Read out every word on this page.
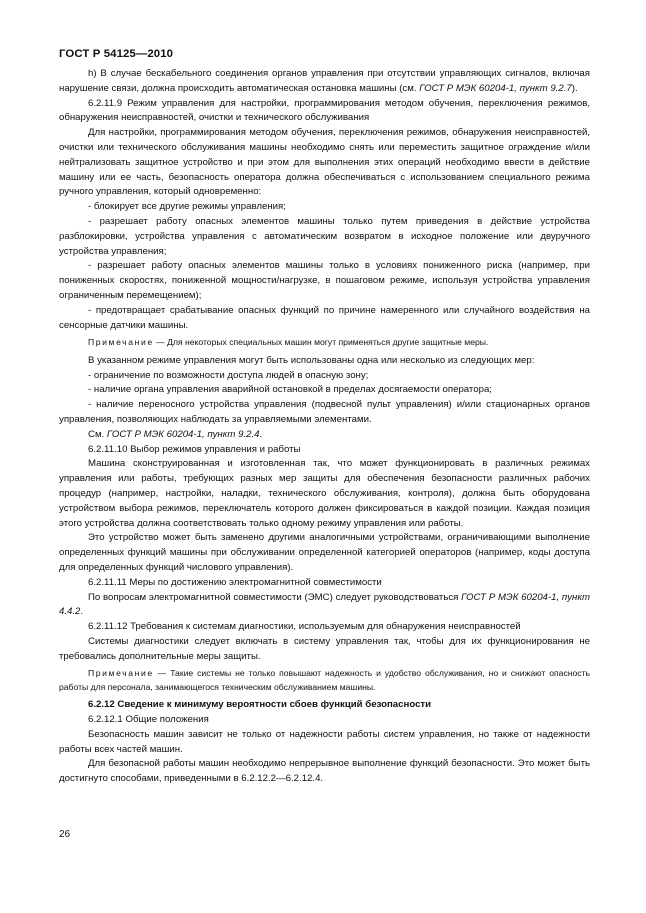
ГОСТ Р 54125—2010

h) В случае бескабельного соединения органов управления при отсутствии управляющих сигналов, включая нарушение связи, должна происходить автоматическая остановка машины (см. ГОСТ Р МЭК 60204-1, пункт 9.2.7).

6.2.11.9 Режим управления для настройки, программирования методом обучения, переключения режимов, обнаружения неисправностей, очистки и технического обслуживания

Для настройки, программирования методом обучения, переключения режимов, обнаружения неисправностей, очистки или технического обслуживания машины необходимо снять или переместить защитное ограждение и/или нейтрализовать защитное устройство и при этом для выполнения этих операций необходимо ввести в действие машину или ее часть, безопасность оператора должна обеспечиваться с использованием специального режима ручного управления, который одновременно:

- блокирует все другие режимы управления;

- разрешает работу опасных элементов машины только путем приведения в действие устройства разблокировки, устройства управления с автоматическим возвратом в исходное положение или двуручного устройства управления;

- разрешает работу опасных элементов машины только в условиях пониженного риска (например, при пониженных скоростях, пониженной мощности/нагрузке, в пошаговом режиме, используя устройства управления ограниченным перемещением);

- предотвращает срабатывание опасных функций по причине намеренного или случайного воздействия на сенсорные датчики машины.

Примечание — Для некоторых специальных машин могут применяться другие защитные меры.

В указанном режиме управления могут быть использованы одна или несколько из следующих мер:

- ограничение по возможности доступа людей в опасную зону;

- наличие органа управления аварийной остановкой в пределах досягаемости оператора;

- наличие переносного устройства управления (подвесной пульт управления) и/или стационарных органов управления, позволяющих наблюдать за управляемыми элементами.

См. ГОСТ Р МЭК 60204-1, пункт 9.2.4.

6.2.11.10 Выбор режимов управления и работы

Машина сконструированная и изготовленная так, что может функционировать в различных режимах управления или работы, требующих разных мер защиты для обеспечения безопасности различных рабочих процедур (например, настройки, наладки, технического обслуживания, контроля), должна быть оборудована устройством выбора режимов, переключатель которого должен фиксироваться в каждой позиции. Каждая позиция этого устройства должна соответствовать только одному режиму управления или работы.

Это устройство может быть заменено другими аналогичными устройствами, ограничивающими выполнение определенных функций машины при обслуживании определенной категорией операторов (например, коды доступа для определенных функций числового управления).

6.2.11.11 Меры по достижению электромагнитной совместимости

По вопросам электромагнитной совместимости (ЭМС) следует руководствоваться ГОСТ Р МЭК 60204-1, пункт 4.4.2.

6.2.11.12 Требования к системам диагностики, используемым для обнаружения неисправностей

Системы диагностики следует включать в систему управления так, чтобы для их функционирования не требовались дополнительные меры защиты.

Примечание — Такие системы не только повышают надежность и удобство обслуживания, но и снижают опасность работы для персонала, занимающегося техническим обслуживанием машины.

6.2.12 Сведение к минимуму вероятности сбоев функций безопасности

6.2.12.1 Общие положения

Безопасность машин зависит не только от надежности работы систем управления, но также от надежности работы всех частей машин.

Для безопасной работы машин необходимо непрерывное выполнение функций безопасности. Это может быть достигнуто способами, приведенными в 6.2.12.2—6.2.12.4.

26
